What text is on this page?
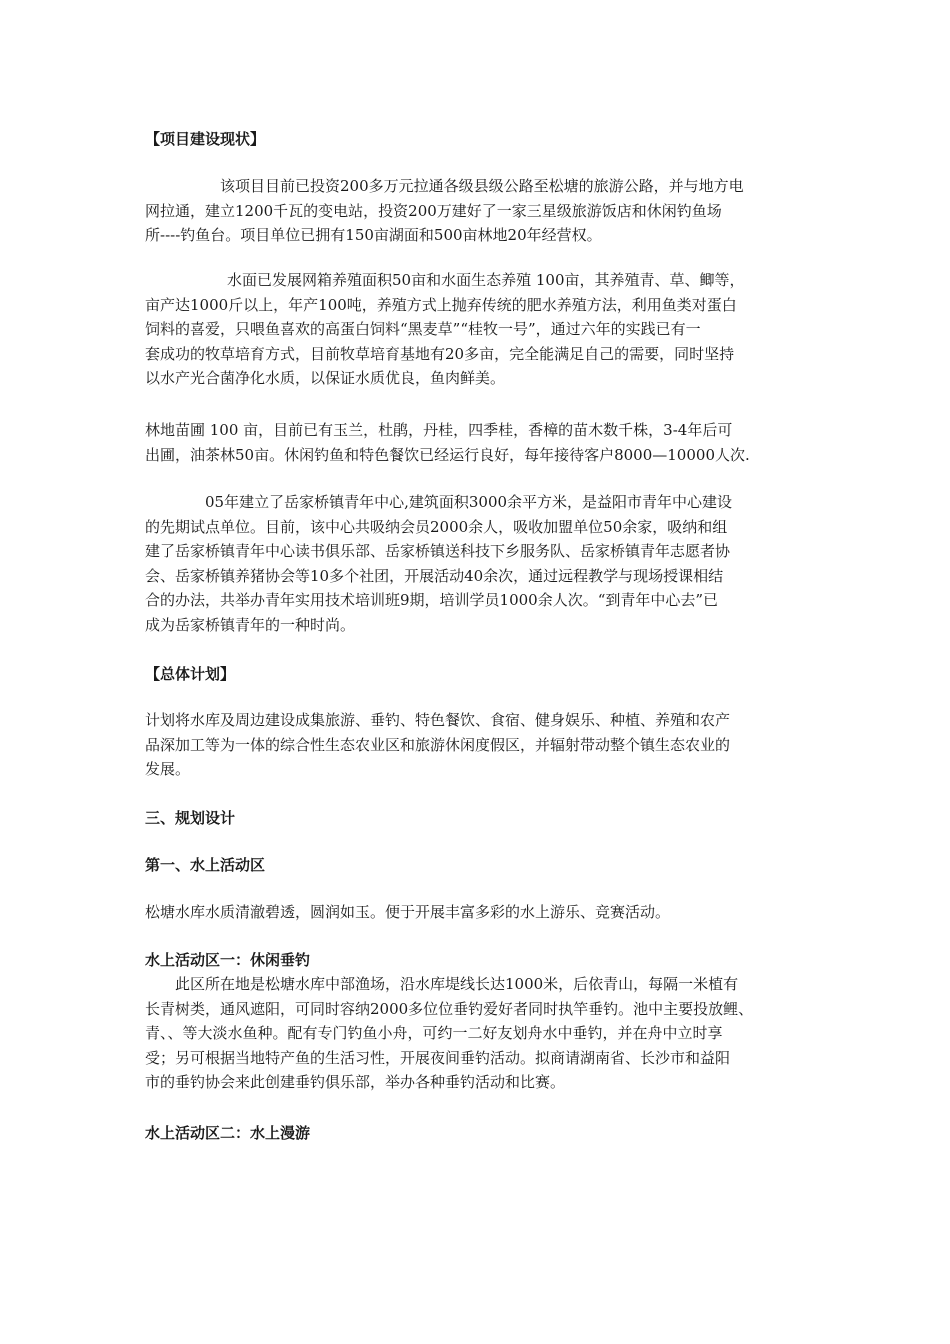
【项目建设现状】
该项目目前已投资200多万元拉通各级县级公路至松塘的旅游公路，并与地方电
网拉通，建立1200千瓦的变电站，投资200万建好了一家三星级旅游饭店和休闲钓鱼场
所----钓鱼台。项目单位已拥有150亩湖面和500亩林地20年经营权。
水面已发展网箱养殖面积50亩和水面生态养殖 100亩，其养殖青、草、鲫等，
亩产达1000斤以上，年产100吨，养殖方式上抛弃传统的肥水养殖方法，利用鱼类对蛋白
饲料的喜爱，只喂鱼喜欢的高蛋白饲料“黑麦草”“桂牧一号”，通过六年的实践已有一
套成功的牧草培育方式，目前牧草培育基地有20多亩，完全能满足自己的需要，同时坚持
以水产光合菌净化水质，以保证水质优良，鱼肉鲜美。
林地苗圃 100 亩，目前已有玉兰，杜鹃，丹桂，四季桂，香樟的苗木数千株，3-4年后可
出圃，油茶林50亩。休闲钓鱼和特色餐饮已经运行良好，每年接待客户8000—10000人次.
05年建立了岳家桥镇青年中心,建筑面积3000余平方米，是益阳市青年中心建设
的先期试点单位。目前，该中心共吸纳会员2000余人，吸收加盟单位50余家，吸纳和组
建了岳家桥镇青年中心读书俱乐部、岳家桥镇送科技下乡服务队、岳家桥镇青年志愿者协
会、岳家桥镇养猪协会等10多个社团，开展活动40余次，通过远程教学与现场授课相结
合的办法，共举办青年实用技术培训班9期，培训学员1000余人次。“到青年中心去”已
成为岳家桥镇青年的一种时尚。
【总体计划】
计划将水库及周边建设成集旅游、垂钓、特色餐饮、食宿、健身娱乐、种植、养殖和农产
品深加工等为一体的综合性生态农业区和旅游休闲度假区，并辐射带动整个镇生态农业的
发展。
三、规划设计
第一、水上活动区
松塘水库水质清澈碧透，圆润如玉。便于开展丰富多彩的水上游乐、竞赛活动。
水上活动区一：休闲垂钓
此区所在地是松塘水库中部渔场，沿水库堤线长达1000米，后依青山，每隔一米植有
长青树类，通风遮阳，可同时容纳2000多位位垂钓爱好者同时执竿垂钓。池中主要投放鲤、
青、、等大淡水鱼种。配有专门钓鱼小舟，可约一二好友划舟水中垂钓，并在舟中立时享
受；另可根据当地特产鱼的生活习性，开展夜间垂钓活动。拟商请湖南省、长沙市和益阳
市的垂钓协会来此创建垂钓俱乐部，举办各种垂钓活动和比赛。
水上活动区二：水上漫游
